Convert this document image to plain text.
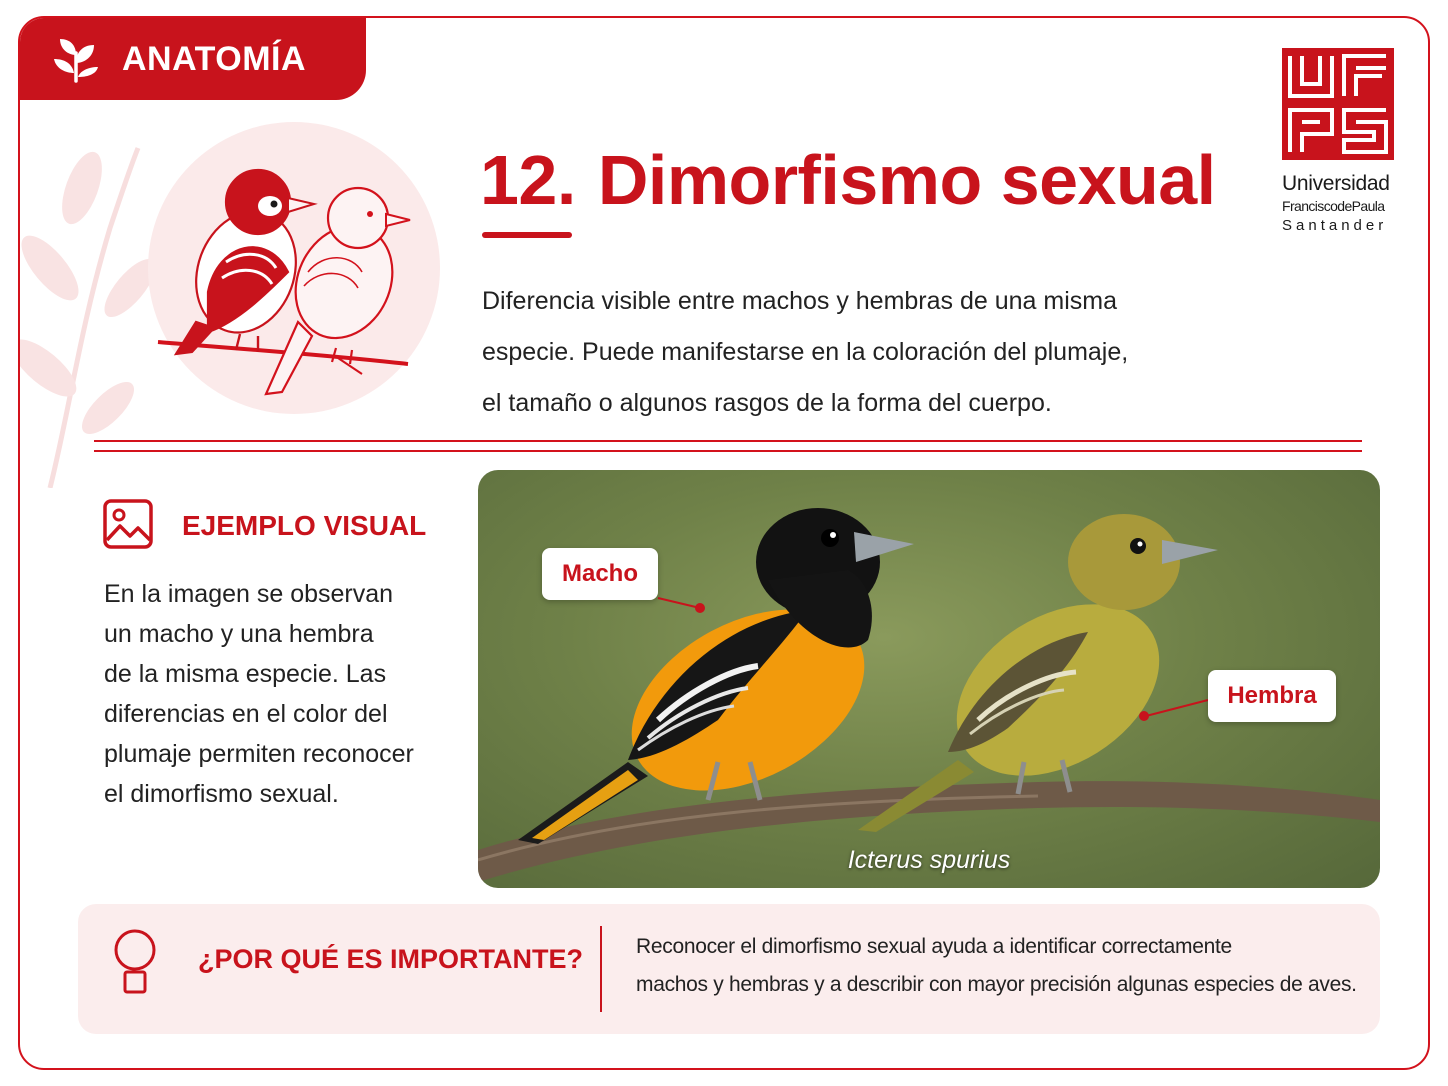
ANATOMÍA
12. Dimorfismo sexual	Universidad
FranciscodePaula
Santander
Diferencia visible entre machos y hembras de una misma
especie. Puede manifestarse en la coloración del plumaje,
el tamaño o algunos rasgos de la forma del cuerpo.
EJEMPLO VISUAL
En la imagen se observan
un macho y una hembra
de la misma especie. Las
diferencias en el color del
plumaje permiten reconocer
el dimorfismo sexual.
Macho
Hembra
Icterus spurius
¿POR QUÉ ES IMPORTANTE?	Reconocer el dimorfismo sexual ayuda a identificar correctamente
machos y hembras y a describir con mayor precisión algunas especies de aves.
